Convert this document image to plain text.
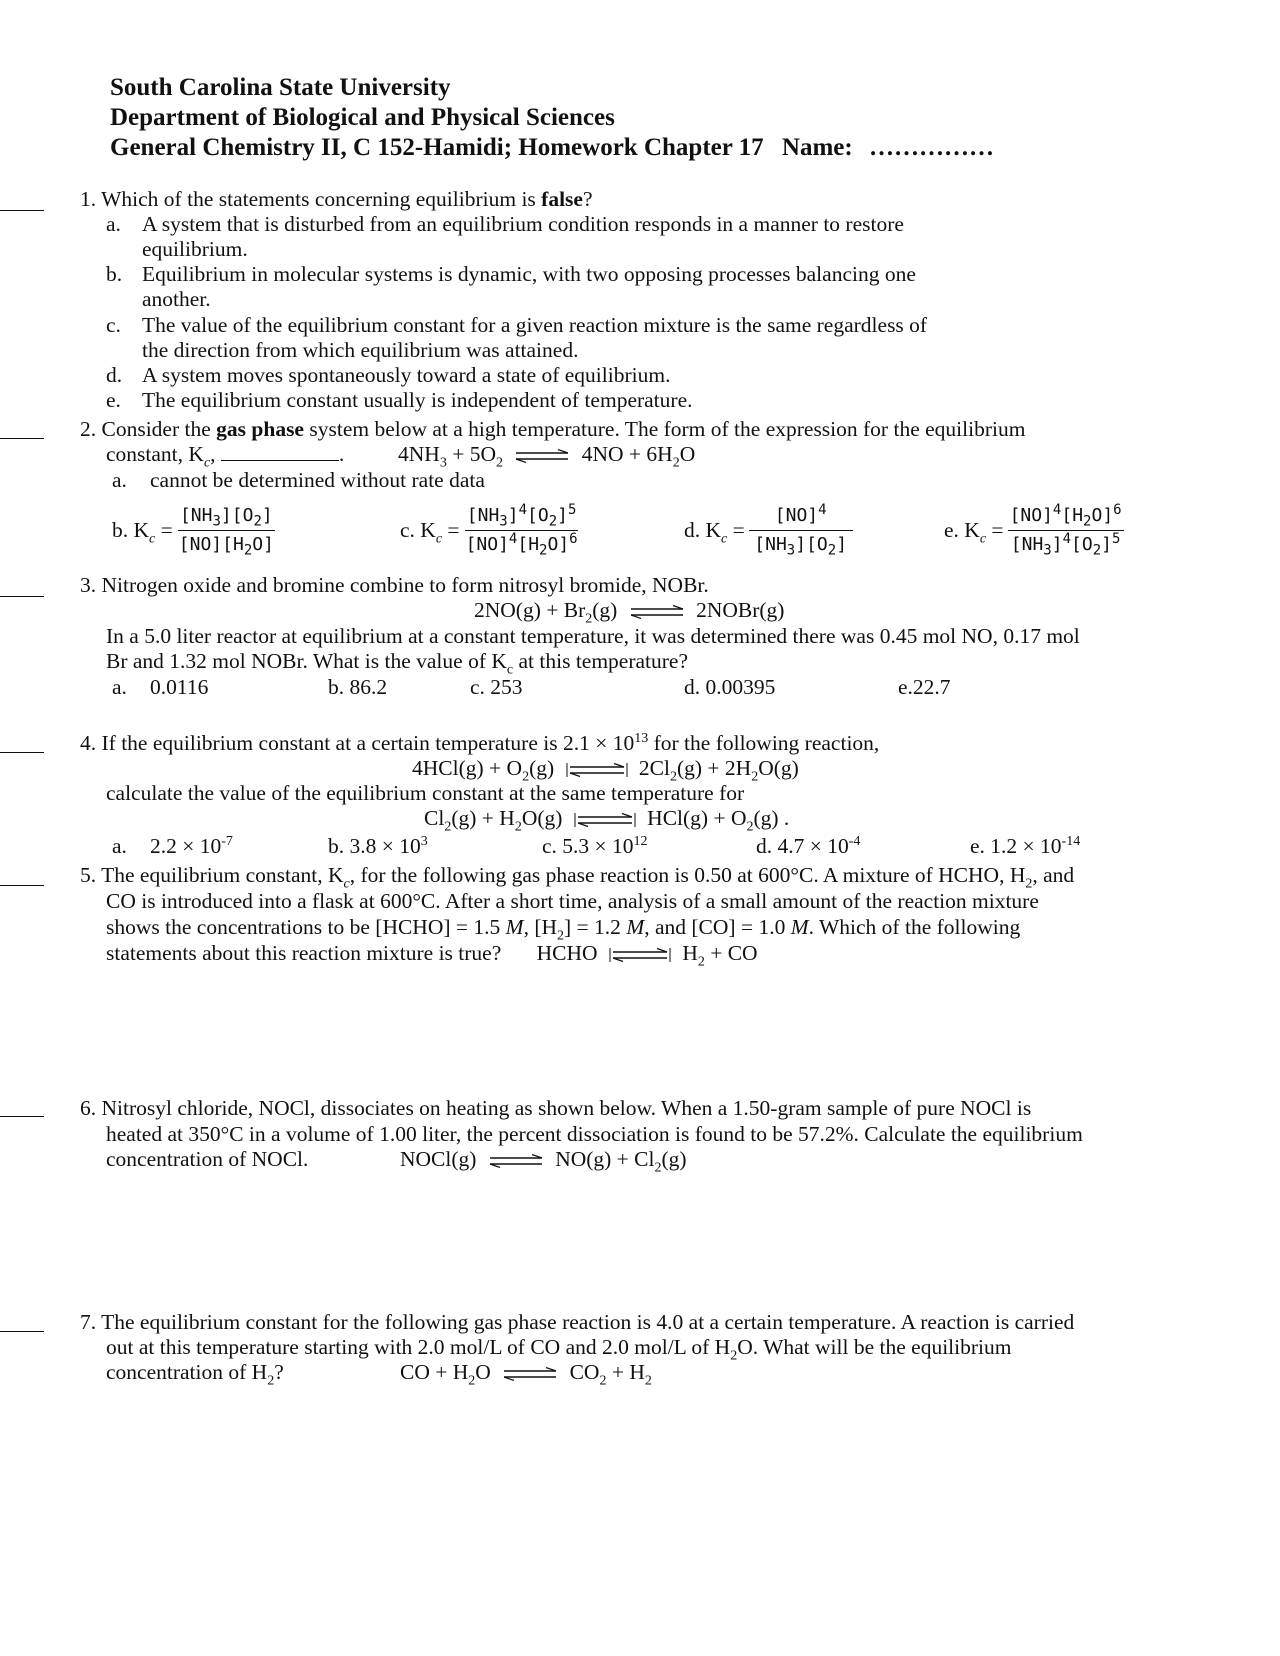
South Carolina State University
Department of Biological and Physical Sciences
General Chemistry II, C 152-Hamidi; Homework Chapter 17 Name: ……………
1. Which of the statements concerning equilibrium is false?
a. A system that is disturbed from an equilibrium condition responds in a manner to restore
equilibrium.
b. Equilibrium in molecular systems is dynamic, with two opposing processes balancing one
another.
c. The value of the equilibrium constant for a given reaction mixture is the same regardless of
the direction from which equilibrium was attained.
d. A system moves spontaneously toward a state of equilibrium.
e. The equilibrium constant usually is independent of temperature.
2. Consider the gas phase system below at a high temperature. The form of the expression for the equilibrium
constant, $K_c$,	. $4NH_3 + 5O_2$ ⇌ $4NO + 6H_2O$
a. cannot be determined without rate data
b. $K_c = \frac{[NH_3][O_2]}{[NO][H_2O]}$	c. $K_c = \frac{[NH_3]^4[O_2]^5}{[NO]^4[H_2O]^6}$	d. $K_c = \frac{[NO]^4}{[NH_3][O_2]}$	e. $K_c = \frac{[NO]^4[H_2O]^6}{[NH_3]^4[O_2]^5}$
3. Nitrogen oxide and bromine combine to form nitrosyl bromide, NOBr.
$2NO(g) + Br_2(g)$ ⇌ 2NOBr(g)
In a 5.0 liter reactor at equilibrium at a constant temperature, it was determined there was 0.45 mol NO, 0.17 mol
Br and 1.32 mol NOBr. What is the value of $K_c$ at this temperature?
a. 0.0116	b. 86.2	c. 253	d. 0.00395	e.22.7
4. If the equilibrium constant at a certain temperature is $2.1 \times 10^{13}$ for the following reaction,
$4HCl(g) + O_2(g)$ ⇌ $2Cl_2(g) + 2H_2O(g)$
calculate the value of the equilibrium constant at the same temperature for
$Cl_2(g) + H_2O(g)$ ⇌ $HCl(g) + O_2(g)$ .
a. $2.2 \times 10^{-7}$	b. $3.8 \times 10^3$	c. $5.3 \times 10^{12}$	d. $4.7 \times 10^{-4}$	e. $1.2 \times 10^{-14}$
5. The equilibrium constant, $K_c$, for the following gas phase reaction is 0.50 at 600°C. A mixture of HCHO, $H_2$, and
CO is introduced into a flask at 600°C. After a short time, analysis of a small amount of the reaction mixture
shows the concentrations to be [HCHO] = 1.5 M, $[H_2] = 1.2$ M, and [CO] = 1.0 M. Which of the following
statements about this reaction mixture is true? HCHO ⇌ $H_2$ + CO
6. Nitrosyl chloride, NOCl, dissociates on heating as shown below. When a 1.50-gram sample of pure NOCl is
heated at 350°C in a volume of 1.00 liter, the percent dissociation is found to be 57.2%. Calculate the equilibrium
concentration of NOCl.	NOCl(g) ⇌ $NO(g) + Cl_2(g)$
7. The equilibrium constant for the following gas phase reaction is 4.0 at a certain temperature. A reaction is carried
out at this temperature starting with 2.0 mol/L of CO and 2.0 mol/L of $H_2O$. What will be the equilibrium
concentration of $H_2$?	CO + $H_2O$ ⇌ $CO_2 + H_2$
